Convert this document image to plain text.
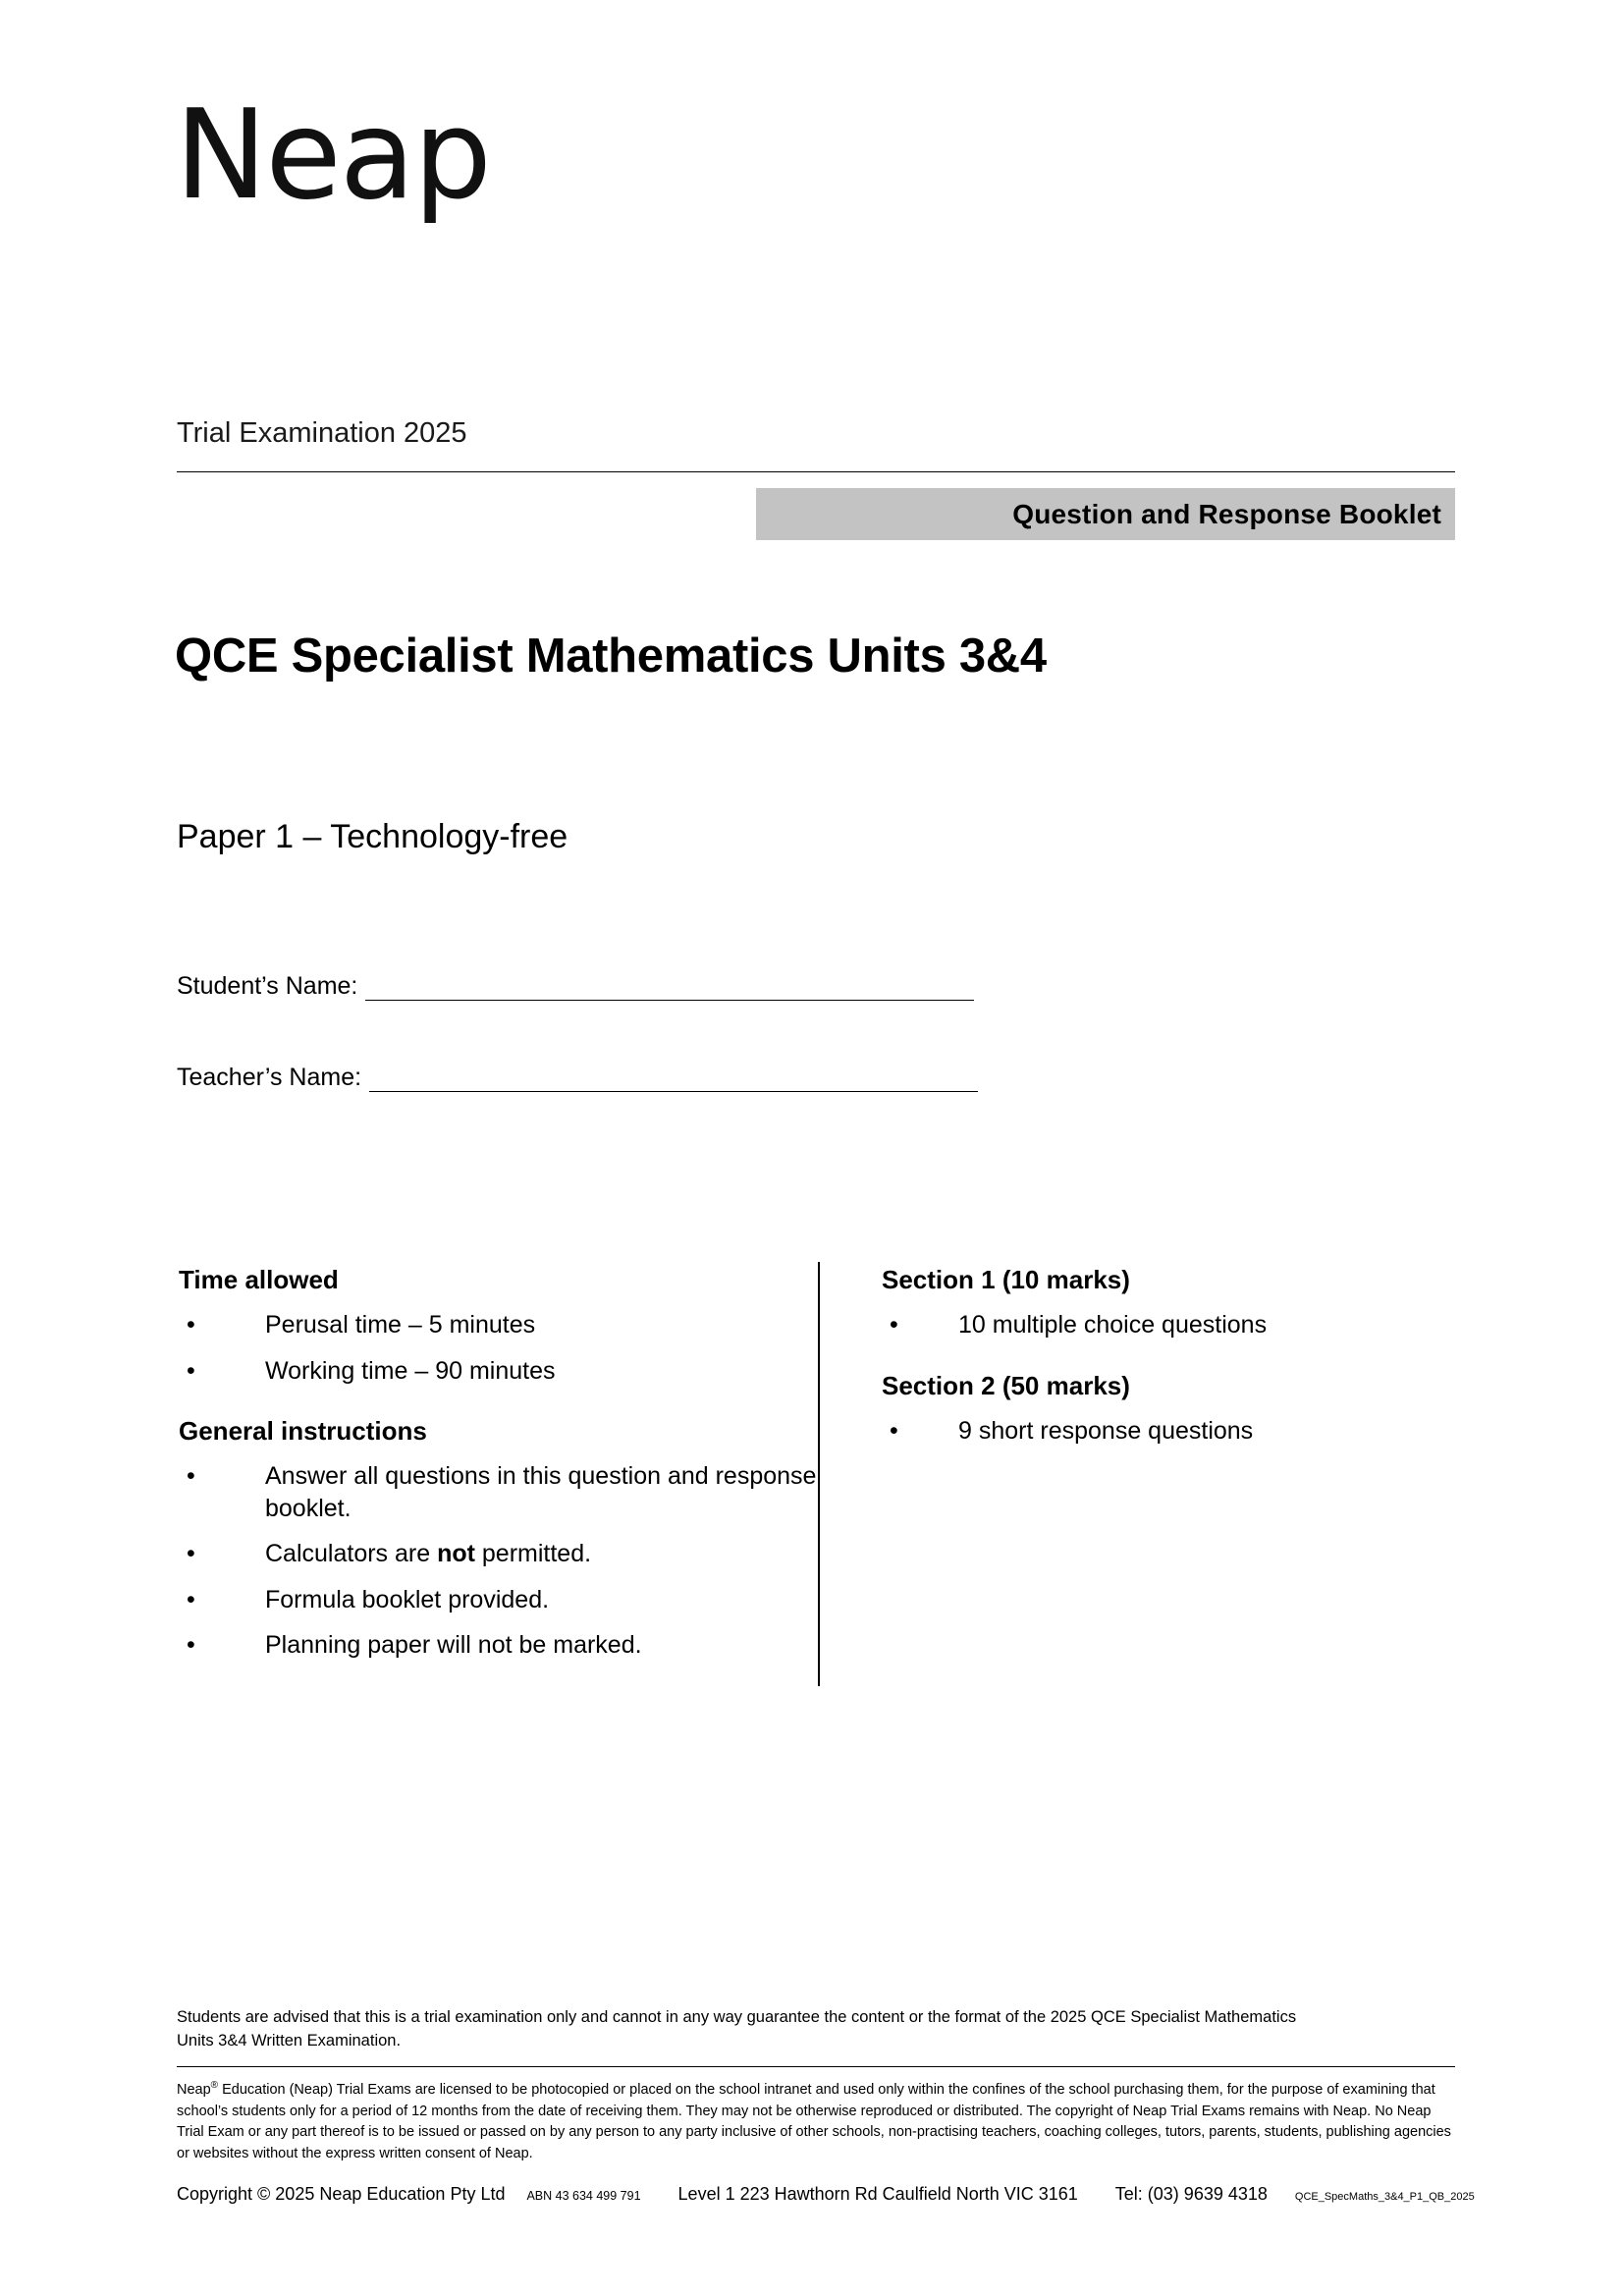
Neap
Trial Examination 2025
Question and Response Booklet
QCE Specialist Mathematics Units 3&4
Paper 1 – Technology-free
Student’s Name:
Teacher’s Name:
Time allowed
• Perusal time – 5 minutes
• Working time – 90 minutes
General instructions
• Answer all questions in this question and response booklet.
• Calculators are not permitted.
• Formula booklet provided.
• Planning paper will not be marked.
Section 1 (10 marks)
• 10 multiple choice questions
Section 2 (50 marks)
• 9 short response questions
Students are advised that this is a trial examination only and cannot in any way guarantee the content or the format of the 2025 QCE Specialist Mathematics Units 3&4 Written Examination.
Neap® Education (Neap) Trial Exams are licensed to be photocopied or placed on the school intranet and used only within the confines of the school purchasing them, for the purpose of examining that school’s students only for a period of 12 months from the date of receiving them. They may not be otherwise reproduced or distributed. The copyright of Neap Trial Exams remains with Neap. No Neap Trial Exam or any part thereof is to be issued or passed on by any person to any party inclusive of other schools, non-practising teachers, coaching colleges, tutors, parents, students, publishing agencies or websites without the express written consent of Neap.
Copyright © 2025 Neap Education Pty Ltd ABN 43 634 499 791 Level 1 223 Hawthorn Rd Caulfield North VIC 3161 Tel: (03) 9639 4318	QCE_SpecMaths_3&4_P1_QB_2025
